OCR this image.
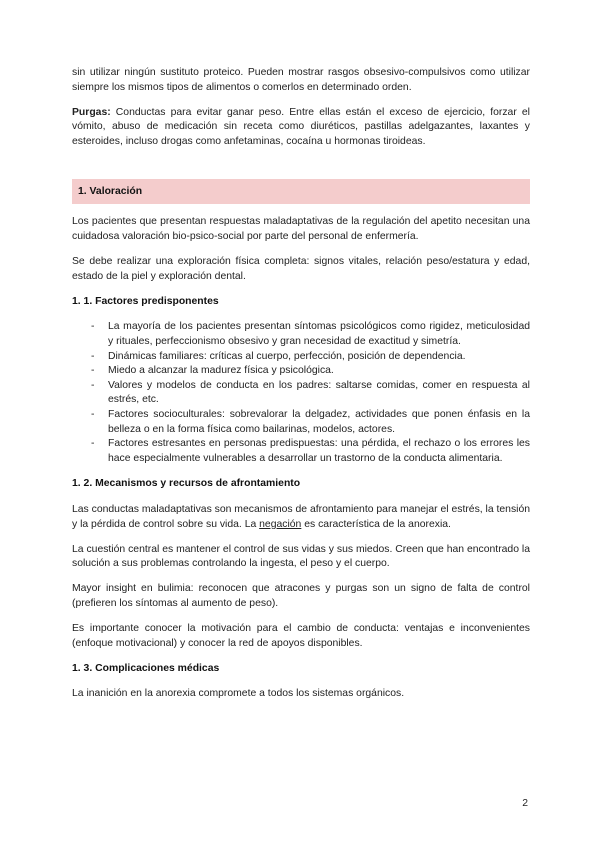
sin utilizar ningún sustituto proteico. Pueden mostrar rasgos obsesivo-compulsivos como utilizar siempre los mismos tipos de alimentos o comerlos en determinado orden.

Purgas: Conductas para evitar ganar peso. Entre ellas están el exceso de ejercicio, forzar el vómito, abuso de medicación sin receta como diuréticos, pastillas adelgazantes, laxantes y esteroides, incluso drogas como anfetaminas, cocaína u hormonas tiroideas.

1. Valoración

Los pacientes que presentan respuestas maladaptativas de la regulación del apetito necesitan una cuidadosa valoración bio-psico-social por parte del personal de enfermería.

Se debe realizar una exploración física completa: signos vitales, relación peso/estatura y edad, estado de la piel y exploración dental.

1. 1. Factores predisponentes
- La mayoría de los pacientes presentan síntomas psicológicos como rigidez, meticulosidad y rituales, perfeccionismo obsesivo y gran necesidad de exactitud y simetría.
- Dinámicas familiares: críticas al cuerpo, perfección, posición de dependencia.
- Miedo a alcanzar la madurez física y psicológica.
- Valores y modelos de conducta en los padres: saltarse comidas, comer en respuesta al estrés, etc.
- Factores socioculturales: sobrevalorar la delgadez, actividades que ponen énfasis en la belleza o en la forma física como bailarinas, modelos, actores.
- Factores estresantes en personas predispuestas: una pérdida, el rechazo o los errores les hace especialmente vulnerables a desarrollar un trastorno de la conducta alimentaria.
1. 2. Mecanismos y recursos de afrontamiento

Las conductas maladaptativas son mecanismos de afrontamiento para manejar el estrés, la tensión y la pérdida de control sobre su vida. La negación es característica de la anorexia.

La cuestión central es mantener el control de sus vidas y sus miedos. Creen que han encontrado la solución a sus problemas controlando la ingesta, el peso y el cuerpo.

Mayor insight en bulimia: reconocen que atracones y purgas son un signo de falta de control (prefieren los síntomas al aumento de peso).

Es importante conocer la motivación para el cambio de conducta: ventajas e inconvenientes (enfoque motivacional) y conocer la red de apoyos disponibles.

1. 3. Complicaciones médicas

La inanición en la anorexia compromete a todos los sistemas orgánicos.

2
